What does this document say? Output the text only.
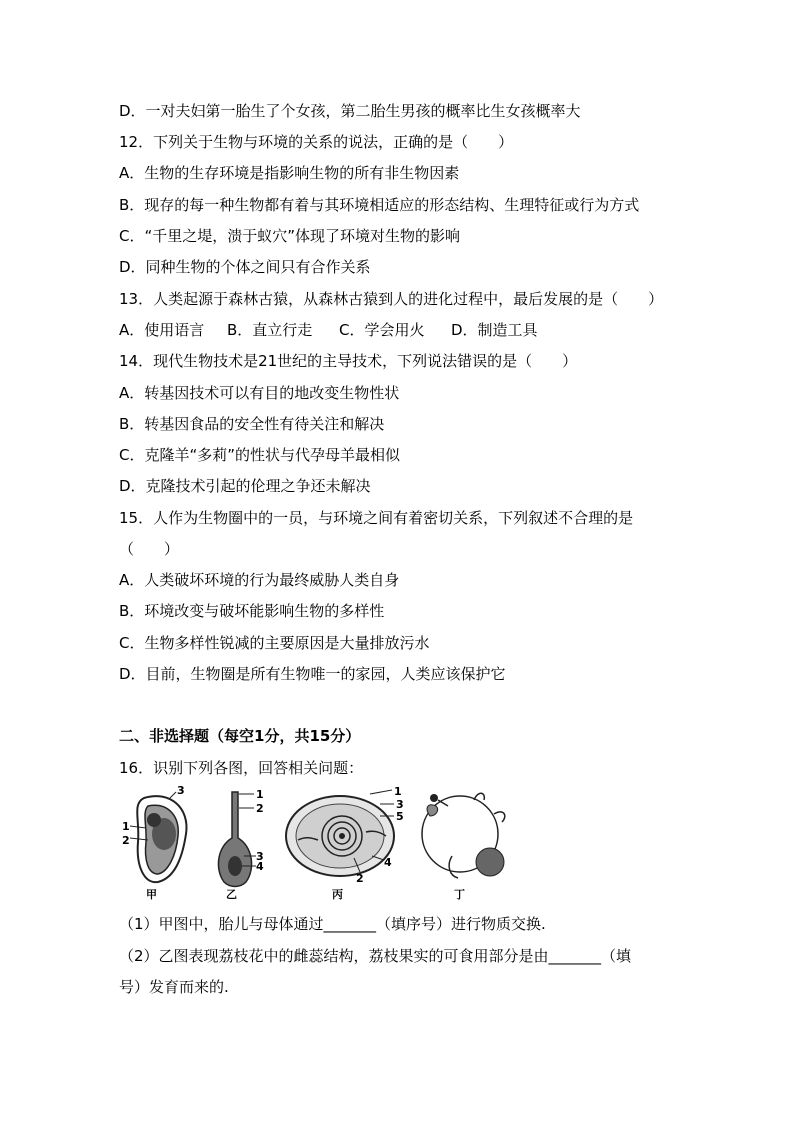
D．一对夫妇第一胎生了个女孩，第二胎生男孩的概率比生女孩概率大
12．下列关于生物与环境的关系的说法，正确的是（　　）
A．生物的生存环境是指影响生物的所有非生物因素
B．现存的每一种生物都有着与其环境相适应的形态结构、生理特征或行为方式
C．“千里之堤，溃于蚁穴”体现了环境对生物的影响
D．同种生物的个体之间只有合作关系
13．人类起源于森林古猿，从森林古猿到人的进化过程中，最后发展的是（　　）
A．使用语言 B．直立行走 C．学会用火 D．制造工具
14．现代生物技术是21世纪的主导技术，下列说法错误的是（　　）
A．转基因技术可以有目的地改变生物性状
B．转基因食品的安全性有待关注和解决
C．克隆羊“多莉”的性状与代孕母羊最相似
D．克隆技术引起的伦理之争还未解决
15．人作为生物圈中的一员，与环境之间有着密切关系，下列叙述不合理的是
（　　）
A．人类破坏环境的行为最终威胁人类自身
B．环境改变与破坏能影响生物的多样性
C．生物多样性锐减的主要原因是大量排放污水
D．目前，生物圈是所有生物唯一的家园，人类应该保护它
二、非选择题（每空1分，共15分）
16．识别下列各图，回答相关问题：
3
1
2
甲
1
2
3
4
乙
1
3
5
4
2
丙	丁
（1）甲图中，胎儿与母体通过_______（填序号）进行物质交换.
（2）乙图表现荔枝花中的雌蕊结构，荔枝果实的可食用部分是由_______（填
号）发育而来的.
